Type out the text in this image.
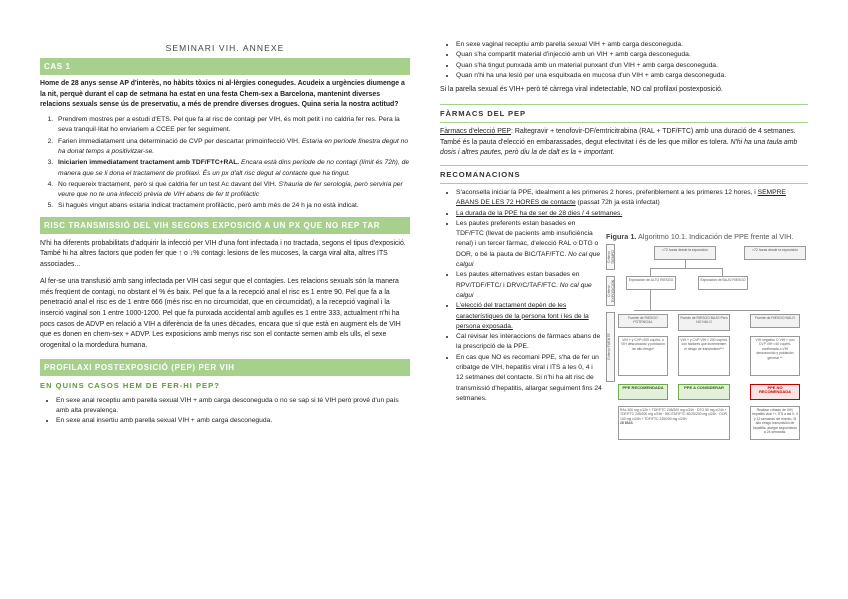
SEMINARI VIH. ANNEXE
CAS 1

Home de 28 anys sense AP d'interès, no hàbits tòxics ni al·lèrgies conegudes. Acudeix a urgències diumenge a la nit, perquè durant el cap de setmana ha estat en una festa Chem-sex a Barcelona, mantenint diverses relacions sexuals sense ús de preservatiu, a més de prendre diverses drogues. Quina seria la nostra actitud?

1. Prendrem mostres per a estudi d'ETS. Pel que fa al risc de contagi per VIH, és molt petit i no caldria fer res. Pera la seva tranquil·litat ho enviariem a CCEE per fer seguiment.
2. Farien immediatament una determinació de CVP per descartar primoinfecció VIH. Estaria en període finestra degut no ha donat temps a positivitzar-se.
3. Iniciarien immediatament tractament amb TDF/FTC+RAL. Encara està dins període de no contagi (límit és 72h), de manera que se li dona el tractament de profilaxi. És un px d'alt risc degut al contacte que ha tingut.
4. No requereix tractament, però si que caldria fer un test Ac davant del VIH. S'hauria de fer serologia, però serviria per veure que no te una infecció prèvia de VIH abans de fer tt profilàctic
5. Si haguès vingut abans estaria indicat tractament profilàctic, però amb més de 24 h ja no està indicat.
RISC TRANSMISSIÓ DEL VIH SEGONS EXPOSICIÓ A UN PX QUE NO REP TAR

N'hi ha diferents probabilitats d'adquirir la infecció per VIH d'una font infectada i no tractada, segons el tipus d'exposició. També hi ha altres factors que poden fer que ↑ o ↓% contagi: lesions de les mucoses, la carga viral alta, altres ITS associades...

Al fer-se una transfusió amb sang infectada per VIH casi segur que el contagies. Les relacions sexuals són la manera més freqüent de contagi, no obstant el % és baix. Pel que fa a la recepció anal el risc es 1 entre 90. Pel que fa a la penetració anal el risc es de 1 entre 666 (més risc en no circumcidat, que en circumcidat), a la recepció vaginal i la inserció vaginal son 1 entre 1000-1200. Pel que fa punxada accidental amb agulles es 1 entre 333, actualment n'hi ha pocs casos de ADVP en relació a VIH a diferència de fa unes dècades, encara que sí que està en augment els de VIH que es donen en chem-sex + ADVP. Les exposicions amb menys risc son el contacte semen amb els ulls, el sexe orogenital o la mordedura humana.

PROFILAXI POSTEXPOSICIÓ (PEP) PER VIH
EN QUINS CASOS HEM DE FER-HI PEP?
• En sexe anal receptiu amb parella sexual VIH + amb carga desconeguda o no se sap si té VIH però prové d'un país amb alta prevalença.
• En sexe anal insertiu amb parella sexual VIH + amb carga desconeguda.
• En sexe vaginal receptiu amb parella sexual VIH + amb carga desconeguda.
• Quan s'ha compartit material d'injecció amb un VIH + amb carga desconeguda.
• Quan s'ha tingut punxada amb un material punxant d'un VIH + amb carga desconeguda.
• Quan n'hi ha una lesió per una esquitxada en mucosa d'un VIH + amb carga desconeguda.

Si la parella sexual és VIH+ però té càrrega viral indetectable, NO cal profilaxi postexposició.

FÀRMACS DEL PEP

Fàrmacs d'elecció PEP: Raltegravir + tenofovir-DF/emtricitrabina (RAL + TDF/FTC) amb una duració de 4 setmanes. També és la pauta d'elecció en embarassades, degut efectivitat i és de les que millor es tolera. N'hi ha una taula amb dosis i altres pautes, però diu la de dalt es la + important.

RECOMANACIONS
• S'aconsella iniciar la PPE, idealment a les primeres 2 hores, preferiblement a les primeres 12 hores, i SEMPRE ABANS DE LES 72 HORES de contacte (passat 72h ja està infectat)
• La durada de la PPE ha de ser de 28 dies / 4 setmanes.
• Les pautes preferents estan basades en TDF/FTC (llevat de pacients amb insuficiència renal) i un tercer fàrmac, d'elecció RAL o DTG o DOR, o bé la pauta de BIC/TAF/FTC. No cal que calgui
• Les pautes alternatives estan basades en RPV/TDF/FTC/ i DRV/C/TAF/FTC. No cal que calgui
• L'elecció del tractament depèn de les característiques de la persona font i les de la persona exposada.
• Cal revisar les interaccions de fàrmacs abans de la prescripció de la PPE.
• En cas que NO es recomani PPE, s'ha de fer un cribatge de VIH, hepatitis viral i ITS a les 0, 4 i 12 setmanes del contacte. Si n'hi ha alt risc de transmissió d'hepatitis, allargar seguiment fins 24 setmanes.
Figura 1. Algoritmo 10.1. Indicación de PPE frente al VIH.
Criterio TIEMPO
Criterio EXPOSICIÓN
Criterio FUENTE
<72 horas desde la exposición	>72 horas desde la exposición
Exposición de ALTO RIESGO	Exposición de BAJO RIESGO
Fuente de RIESGO POTENCIAL
Fuente de RIESGO BAJO Pero NO NULO
Fuente de RIESGO NULO
VIH + y CVP>200 cop/mL o VIH desconocido y población de alto riesgo*
VIH + y CVP VIH < 200 cop/mL con factores que incrementen el riesgo de transmisión***
VIH negativo O VIH + con CVP VIH <40 cop/mL confirmada o VIH desconocido y población general **
PPE RECOMENDADA	PPE A CONSIDERAR	PPE NO RECOMENDADA
RAL 400 mg c/12h + TDF/FTC 245/200 mg c/24h · DTG 50 mg c/24h + TDF/FTC 245/200 mg c/24h · BIC/TAF/FTC 50/25/200 mg c/24h · DOR 100 mg c/24h + TDF/FTC 245/200 mg c/24h
28 DÍAS
Realizar cribado de VIH, hepatitis viral +/- ITS a las 0, 4 y 12 semanas del evento. Si alto riesgo transmisión de hepatitis, alargar seguimiento a 24 semanas.
